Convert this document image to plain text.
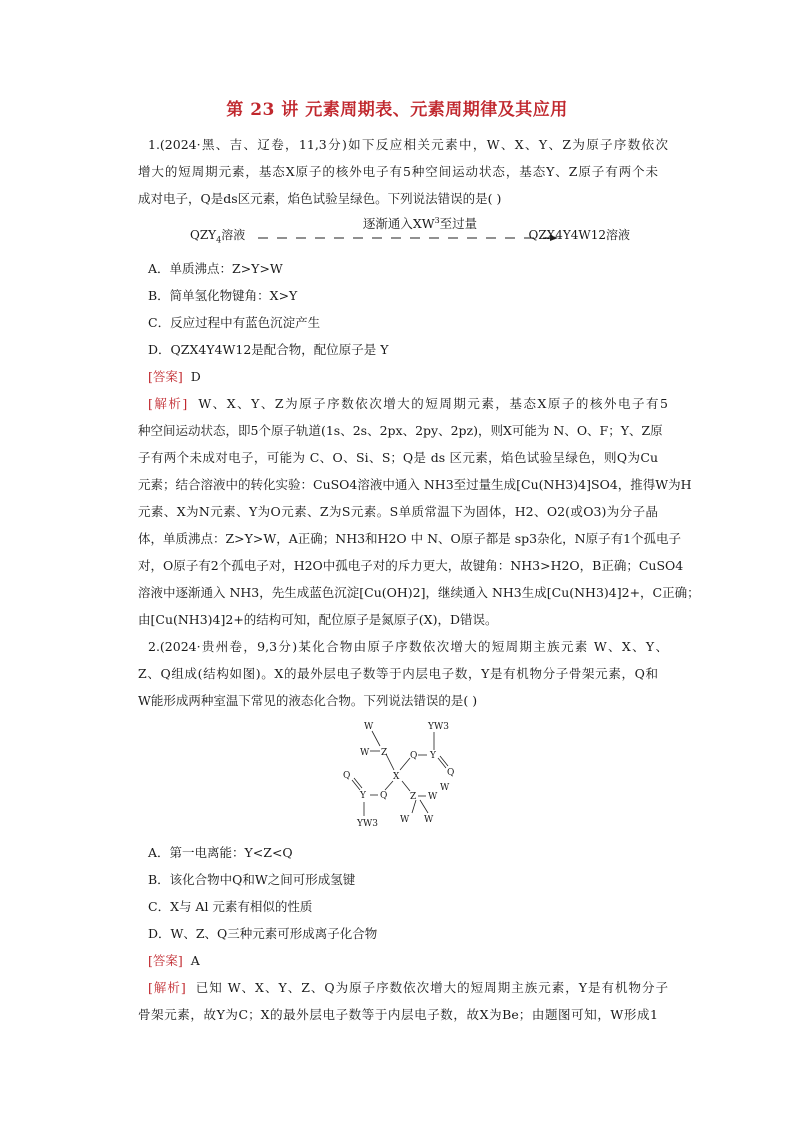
第 23 讲 元素周期表、元素周期律及其应用
1.(2024·黑、吉、辽卷，11,3分)如下反应相关元素中，W、X、Y、Z为原子序数依次
增大的短周期元素，基态X原子的核外电子有5种空间运动状态，基态Y、Z原子有两个未
成对电子，Q是ds区元素，焰色试验呈绿色。下列说法错误的是( )
$QZY_4$溶液
逐渐通入$XW^3$至过量
QZX4Y4W12溶液
A．单质沸点：Z>Y>W
B．简单氢化物键角：X>Y
C．反应过程中有蓝色沉淀产生
D．QZX4Y4W12是配合物，配位原子是 Y
[答案] D
[解析] W、X、Y、Z为原子序数依次增大的短周期元素，基态X原子的核外电子有5
种空间运动状态，即5个原子轨道(1s、2s、2px、2py、2pz)，则X可能为 N、O、F；Y、Z原
子有两个未成对电子，可能为 C、O、Si、S；Q是 ds 区元素，焰色试验呈绿色，则Q为Cu
元素；结合溶液中的转化实验：CuSO4溶液中通入 NH3至过量生成[Cu(NH3)4]SO4，推得W为H
元素、X为N元素、Y为O元素、Z为S元素。S单质常温下为固体，H2、O2(或O3)为分子晶
体，单质沸点：Z>Y>W，A正确；NH3和H2O 中 N、O原子都是 sp3杂化，N原子有1个孤电子
对，O原子有2个孤电子对，H2O中孤电子对的斥力更大，故键角：NH3>H2O，B正确；CuSO4
溶液中逐渐通入 NH3，先生成蓝色沉淀[Cu(OH)2]，继续通入 NH3生成[Cu(NH3)4]2+，C正确；
由[Cu(NH3)4]2+的结构可知，配位原子是氮原子(X)，D错误。
2.(2024·贵州卷，9,3分)某化合物由原子序数依次增大的短周期主族元素 W、X、Y、
Z、Q组成(结构如图)。X的最外层电子数等于内层电子数，Y是有机物分子骨架元素，Q和
W能形成两种室温下常见的液态化合物。下列说法错误的是( )
W
W Z
YW3
Q Y
Q
X
Q
Y Q	Z W
W
YW3	W
W
A．第一电离能：Y<Z<Q
B．该化合物中Q和W之间可形成氢键
C．X与 Al 元素有相似的性质
D．W、Z、Q三种元素可形成离子化合物
[答案] A
[解析] 已知 W、X、Y、Z、Q为原子序数依次增大的短周期主族元素，Y是有机物分子
骨架元素，故Y为C；X的最外层电子数等于内层电子数，故X为Be；由题图可知，W形成1
